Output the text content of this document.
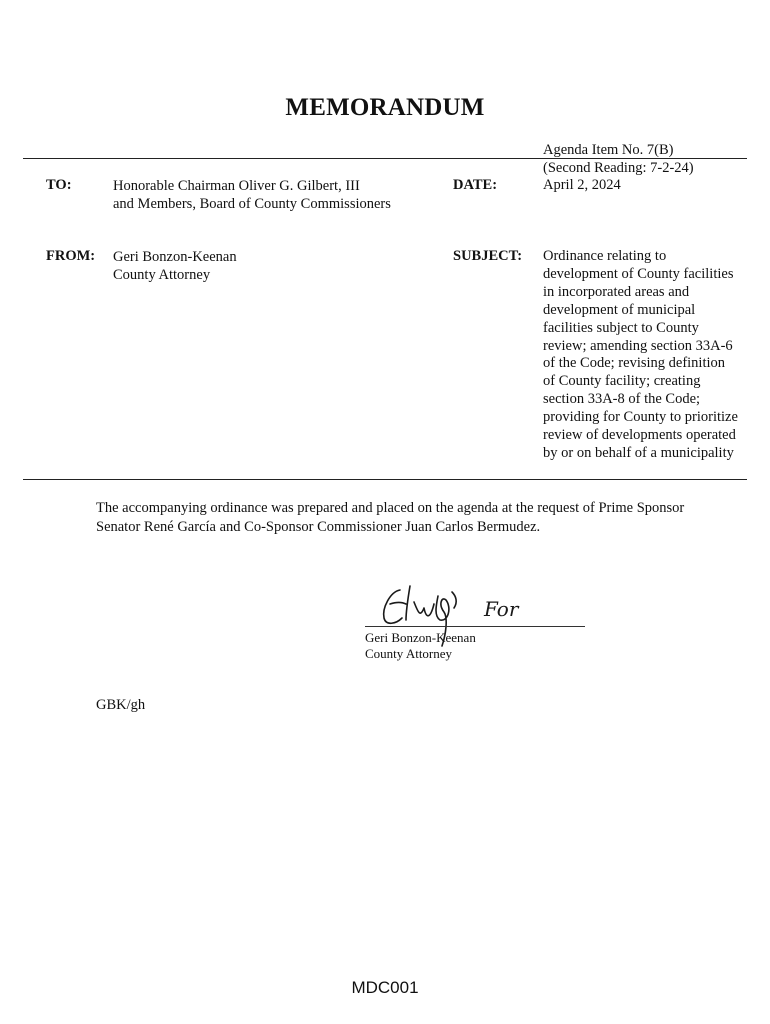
MEMORANDUM
Agenda Item No. 7(B)
(Second Reading: 7-2-24)
April 2, 2024
TO:	Honorable Chairman Oliver G. Gilbert, III
and Members, Board of County Commissioners
DATE:
FROM: Geri Bonzon-Keenan
County Attorney
SUBJECT: Ordinance relating to
development of County facilities
in incorporated areas and
development of municipal
facilities subject to County
review; amending section 33A-6
of the Code; revising definition
of County facility; creating
section 33A-8 of the Code;
providing for County to prioritize
review of developments operated
by or on behalf of a municipality
The accompanying ordinance was prepared and placed on the agenda at the request of Prime Sponsor
Senator René García and Co-Sponsor Commissioner Juan Carlos Bermudez.
For
Geri Bonzon-Keenan
County Attorney
GBK/gh
MDC001
